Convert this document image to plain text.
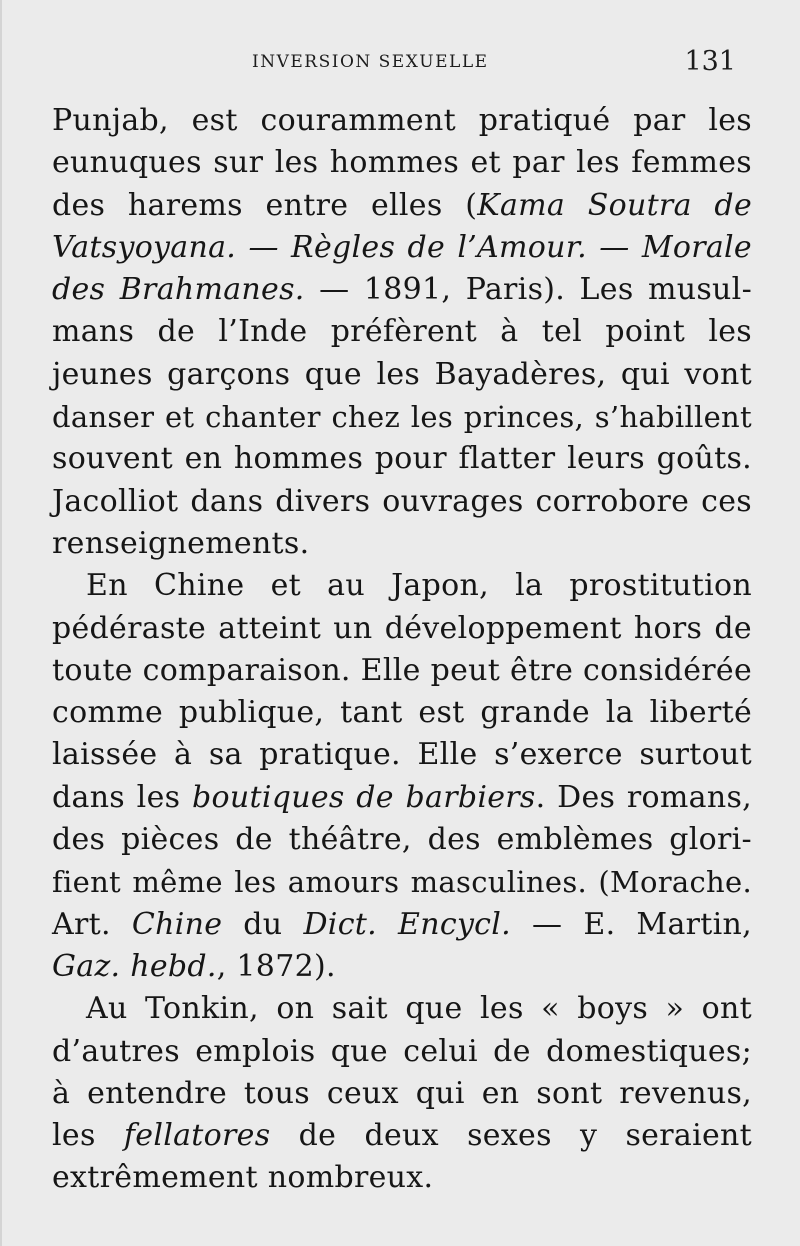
INVERSION SEXUELLE	131
Punjab, est couramment pratiqué par les
eunuques sur les hommes et par les femmes
des harems entre elles (Kama Soutra de
Vatsyoyana. — Règles de l’Amour. — Morale
des Brahmanes. — 1891, Paris). Les musul-
mans de l’Inde préfèrent à tel point les
jeunes garçons que les Bayadères, qui vont
danser et chanter chez les princes, s’habillent
souvent en hommes pour flatter leurs goûts.
Jacolliot dans divers ouvrages corrobore ces
renseignements.
En Chine et au Japon, la prostitution
pédéraste atteint un développement hors de
toute comparaison. Elle peut être considérée
comme publique, tant est grande la liberté
laissée à sa pratique. Elle s’exerce surtout
dans les boutiques de barbiers. Des romans,
des pièces de théâtre, des emblèmes glori-
fient même les amours masculines. (Morache.
Art. Chine du Dict. Encycl. — E. Martin,
Gaz. hebd., 1872).
Au Tonkin, on sait que les « boys » ont
d’autres emplois que celui de domestiques;
à entendre tous ceux qui en sont revenus,
les fellatores de deux sexes y seraient
extrêmement nombreux.
